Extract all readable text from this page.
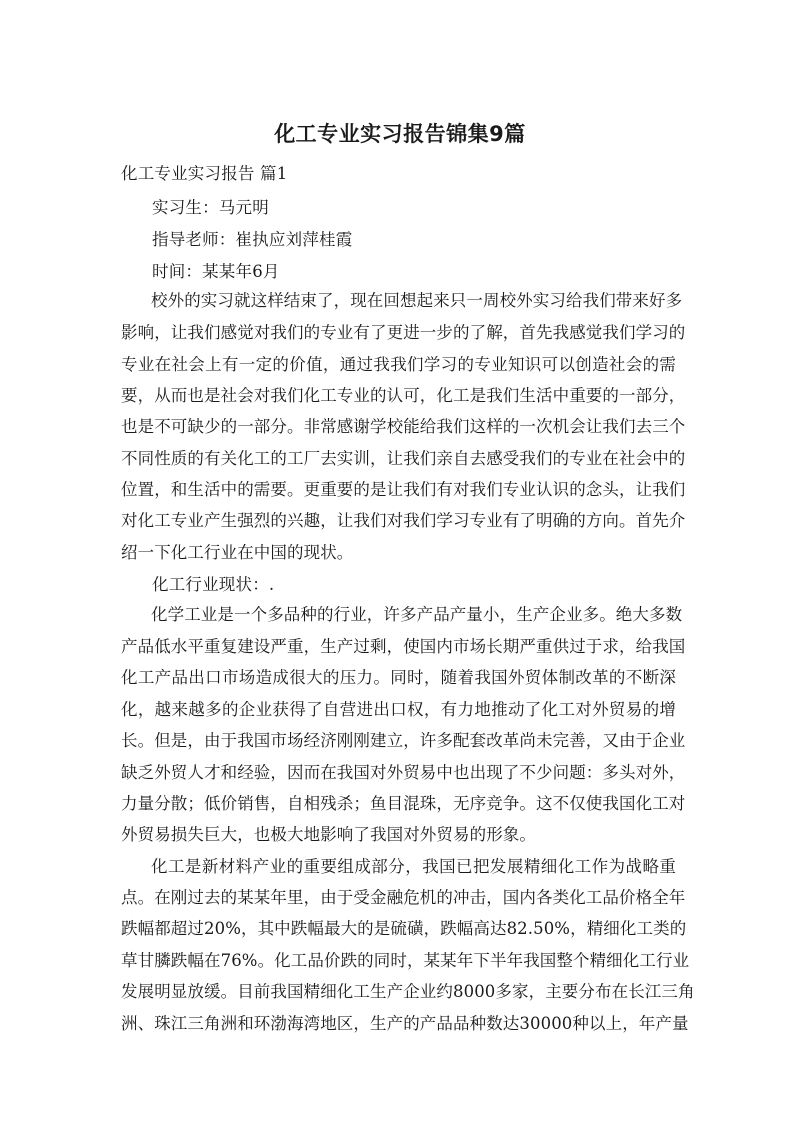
化工专业实习报告锦集9篇
化工专业实习报告 篇1
实习生：马元明
指导老师：崔执应刘萍桂霞
时间：某某年6月
校外的实习就这样结束了，现在回想起来只一周校外实习给我们带来好多
影响，让我们感觉对我们的专业有了更进一步的了解，首先我感觉我们学习的
专业在社会上有一定的价值，通过我我们学习的专业知识可以创造社会的需
要，从而也是社会对我们化工专业的认可，化工是我们生活中重要的一部分，
也是不可缺少的一部分。非常感谢学校能给我们这样的一次机会让我们去三个
不同性质的有关化工的工厂去实训，让我们亲自去感受我们的专业在社会中的
位置，和生活中的需要。更重要的是让我们有对我们专业认识的念头，让我们
对化工专业产生强烈的兴趣，让我们对我们学习专业有了明确的方向。首先介
绍一下化工行业在中国的现状。
化工行业现状：.
化学工业是一个多品种的行业，许多产品产量小，生产企业多。绝大多数
产品低水平重复建设严重，生产过剩，使国内市场长期严重供过于求，给我国
化工产品出口市场造成很大的压力。同时，随着我国外贸体制改革的不断深
化，越来越多的企业获得了自营进出口权，有力地推动了化工对外贸易的增
长。但是，由于我国市场经济刚刚建立，许多配套改革尚未完善，又由于企业
缺乏外贸人才和经验，因而在我国对外贸易中也出现了不少问题：多头对外，
力量分散；低价销售，自相残杀；鱼目混珠，无序竞争。这不仅使我国化工对
外贸易损失巨大，也极大地影响了我国对外贸易的形象。
化工是新材料产业的重要组成部分，我国已把发展精细化工作为战略重
点。在刚过去的某某年里，由于受金融危机的冲击，国内各类化工品价格全年
跌幅都超过20%，其中跌幅最大的是硫磺，跌幅高达82.50%，精细化工类的
草甘膦跌幅在76%。化工品价跌的同时，某某年下半年我国整个精细化工行业
发展明显放缓。目前我国精细化工生产企业约8000多家，主要分布在长江三角
洲、珠江三角洲和环渤海湾地区，生产的产品品种数达30000种以上，年产量
